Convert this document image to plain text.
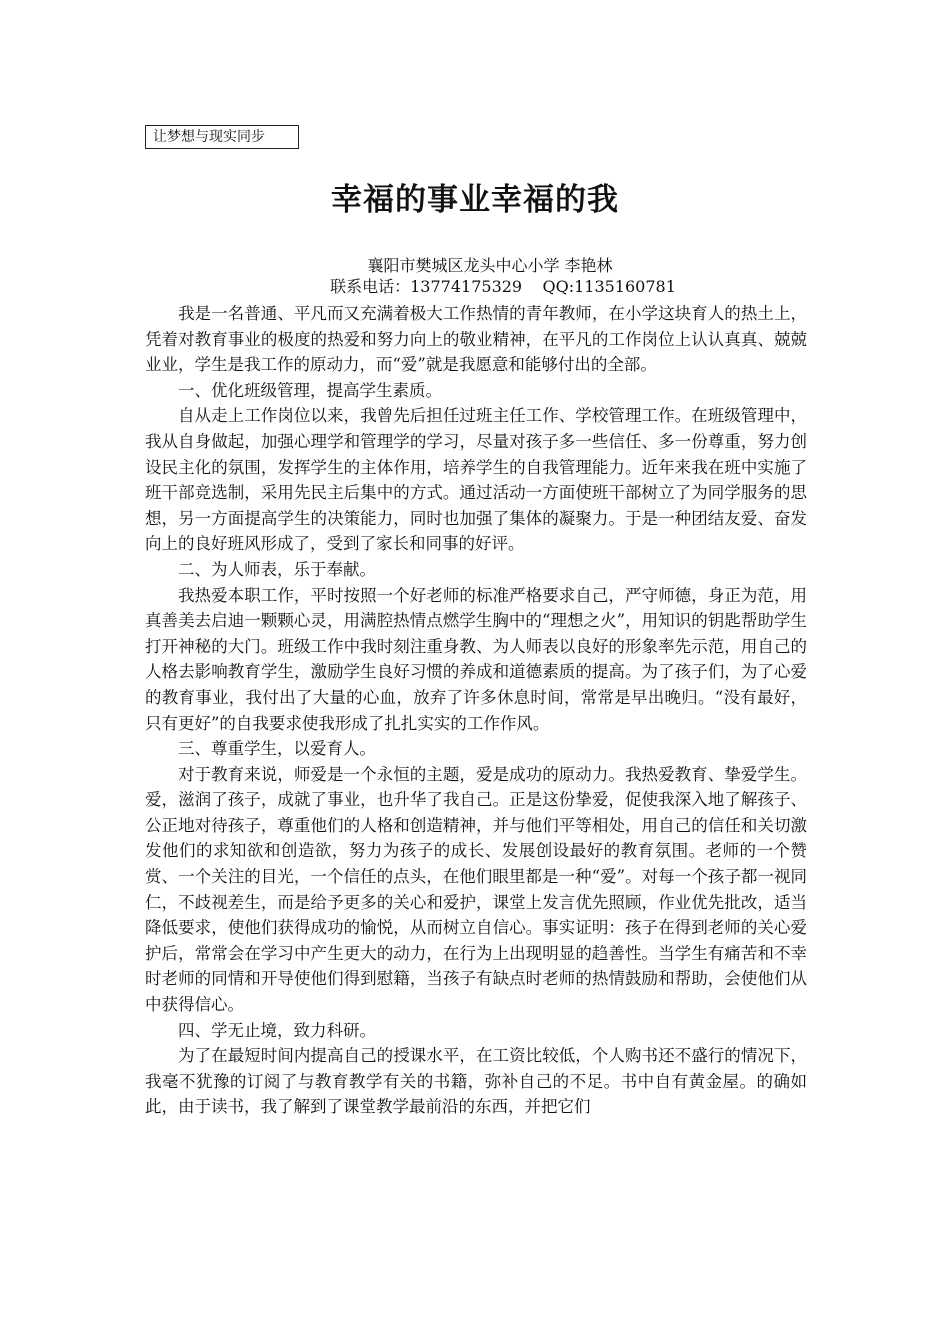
让梦想与现实同步
幸福的事业幸福的我
襄阳市樊城区龙头中心小学 李艳林
联系电话：13774175329 QQ:1135160781

我是一名普通、平凡而又充满着极大工作热情的青年教师，在小学这块育人的热土上，凭着对教育事业的极度的热爱和努力向上的敬业精神，在平凡的工作岗位上认认真真、兢兢业业，学生是我工作的原动力，而“爱”就是我愿意和能够付出的全部。

一、优化班级管理，提高学生素质。

自从走上工作岗位以来，我曾先后担任过班主任工作、学校管理工作。在班级管理中，我从自身做起，加强心理学和管理学的学习，尽量对孩子多一些信任、多一份尊重，努力创设民主化的氛围，发挥学生的主体作用，培养学生的自我管理能力。近年来我在班中实施了班干部竞选制，采用先民主后集中的方式。通过活动一方面使班干部树立了为同学服务的思想，另一方面提高学生的决策能力，同时也加强了集体的凝聚力。于是一种团结友爱、奋发向上的良好班风形成了，受到了家长和同事的好评。

二、为人师表，乐于奉献。

我热爱本职工作，平时按照一个好老师的标准严格要求自己，严守师德，身正为范，用真善美去启迪一颗颗心灵，用满腔热情点燃学生胸中的“理想之火”，用知识的钥匙帮助学生打开神秘的大门。班级工作中我时刻注重身教、为人师表以良好的形象率先示范，用自己的人格去影响教育学生，激励学生良好习惯的养成和道德素质的提高。为了孩子们，为了心爱的教育事业，我付出了大量的心血，放弃了许多休息时间，常常是早出晚归。“没有最好，只有更好”的自我要求使我形成了扎扎实实的工作作风。

三、尊重学生，以爱育人。

对于教育来说，师爱是一个永恒的主题，爱是成功的原动力。我热爱教育、挚爱学生。爱，滋润了孩子，成就了事业，也升华了我自己。正是这份挚爱，促使我深入地了解孩子、公正地对待孩子，尊重他们的人格和创造精神，并与他们平等相处，用自己的信任和关切激发他们的求知欲和创造欲，努力为孩子的成长、发展创设最好的教育氛围。老师的一个赞赏、一个关注的目光，一个信任的点头，在他们眼里都是一种“爱”。对每一个孩子都一视同仁，不歧视差生，而是给予更多的关心和爱护，课堂上发言优先照顾，作业优先批改，适当降低要求，使他们获得成功的愉悦，从而树立自信心。事实证明：孩子在得到老师的关心爱护后，常常会在学习中产生更大的动力，在行为上出现明显的趋善性。当学生有痛苦和不幸时老师的同情和开导使他们得到慰籍，当孩子有缺点时老师的热情鼓励和帮助，会使他们从中获得信心。

四、学无止境，致力科研。

为了在最短时间内提高自己的授课水平，在工资比较低，个人购书还不盛行的情况下，我毫不犹豫的订阅了与教育教学有关的书籍，弥补自己的不足。书中自有黄金屋。的确如此，由于读书，我了解到了课堂教学最前沿的东西，并把它们
